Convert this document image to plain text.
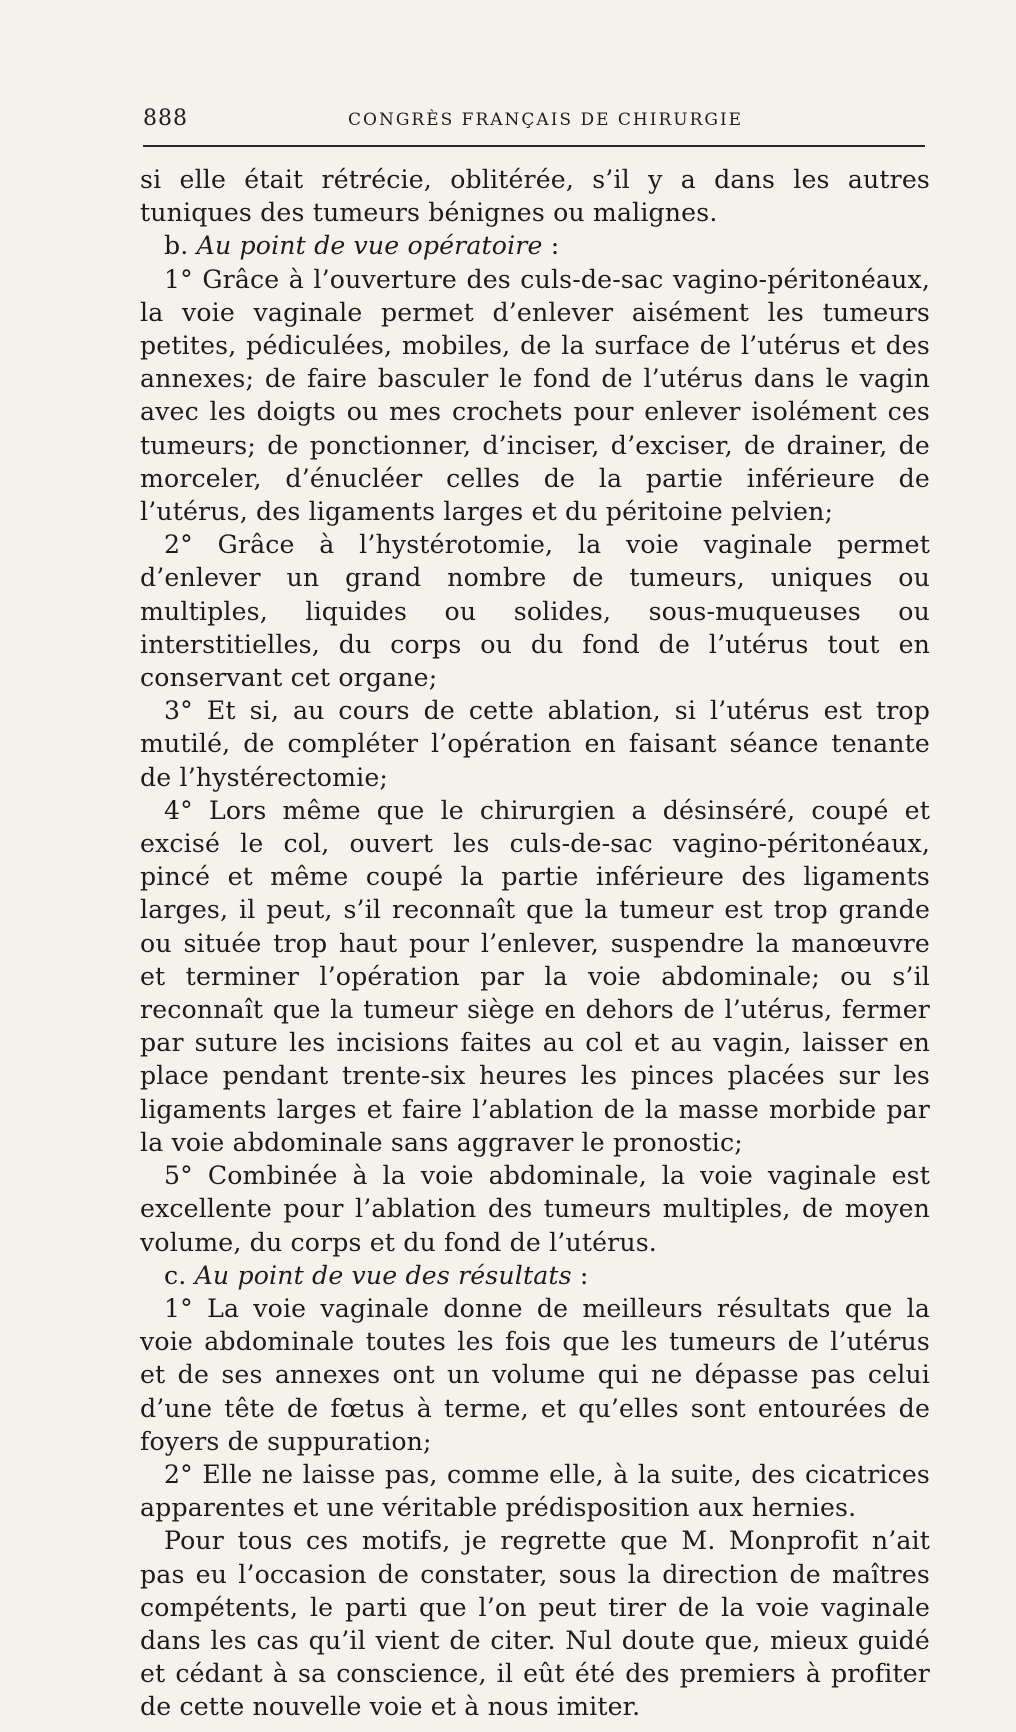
888	CONGRÈS FRANÇAIS DE CHIRURGIE

si elle était rétrécie, oblitérée, s’il y a dans les autres tuniques des tumeurs bénignes ou malignes.

b. Au point de vue opératoire :

1° Grâce à l’ouverture des culs-de-sac vagino-péritonéaux, la voie vaginale permet d’enlever aisément les tumeurs petites, pédiculées, mobiles, de la surface de l’utérus et des annexes; de faire basculer le fond de l’utérus dans le vagin avec les doigts ou mes crochets pour enlever isolément ces tumeurs; de ponctionner, d’inciser, d’exciser, de drainer, de morceler, d’énucléer celles de la partie inférieure de l’utérus, des ligaments larges et du péritoine pelvien;

2° Grâce à l’hystérotomie, la voie vaginale permet d’enlever un grand nombre de tumeurs, uniques ou multiples, liquides ou solides, sous-muqueuses ou interstitielles, du corps ou du fond de l’utérus tout en conservant cet organe;

3° Et si, au cours de cette ablation, si l’utérus est trop mutilé, de compléter l’opération en faisant séance tenante de l’hystérectomie;

4° Lors même que le chirurgien a désinséré, coupé et excisé le col, ouvert les culs-de-sac vagino-péritonéaux, pincé et même coupé la partie inférieure des ligaments larges, il peut, s’il reconnaît que la tumeur est trop grande ou située trop haut pour l’enlever, suspendre la manœuvre et terminer l’opération par la voie abdominale; ou s’il reconnaît que la tumeur siège en dehors de l’utérus, fermer par suture les incisions faites au col et au vagin, laisser en place pendant trente-six heures les pinces placées sur les ligaments larges et faire l’ablation de la masse morbide par la voie abdominale sans aggraver le pronostic;

5° Combinée à la voie abdominale, la voie vaginale est excellente pour l’ablation des tumeurs multiples, de moyen volume, du corps et du fond de l’utérus.

c. Au point de vue des résultats :

1° La voie vaginale donne de meilleurs résultats que la voie abdominale toutes les fois que les tumeurs de l’utérus et de ses annexes ont un volume qui ne dépasse pas celui d’une tête de fœtus à terme, et qu’elles sont entourées de foyers de suppuration;

2° Elle ne laisse pas, comme elle, à la suite, des cicatrices apparentes et une véritable prédisposition aux hernies.

Pour tous ces motifs, je regrette que M. Monprofit n’ait pas eu l’occasion de constater, sous la direction de maîtres compétents, le parti que l’on peut tirer de la voie vaginale dans les cas qu’il vient de citer. Nul doute que, mieux guidé et cédant à sa conscience, il eût été des premiers à profiter de cette nouvelle voie et à nous imiter.
